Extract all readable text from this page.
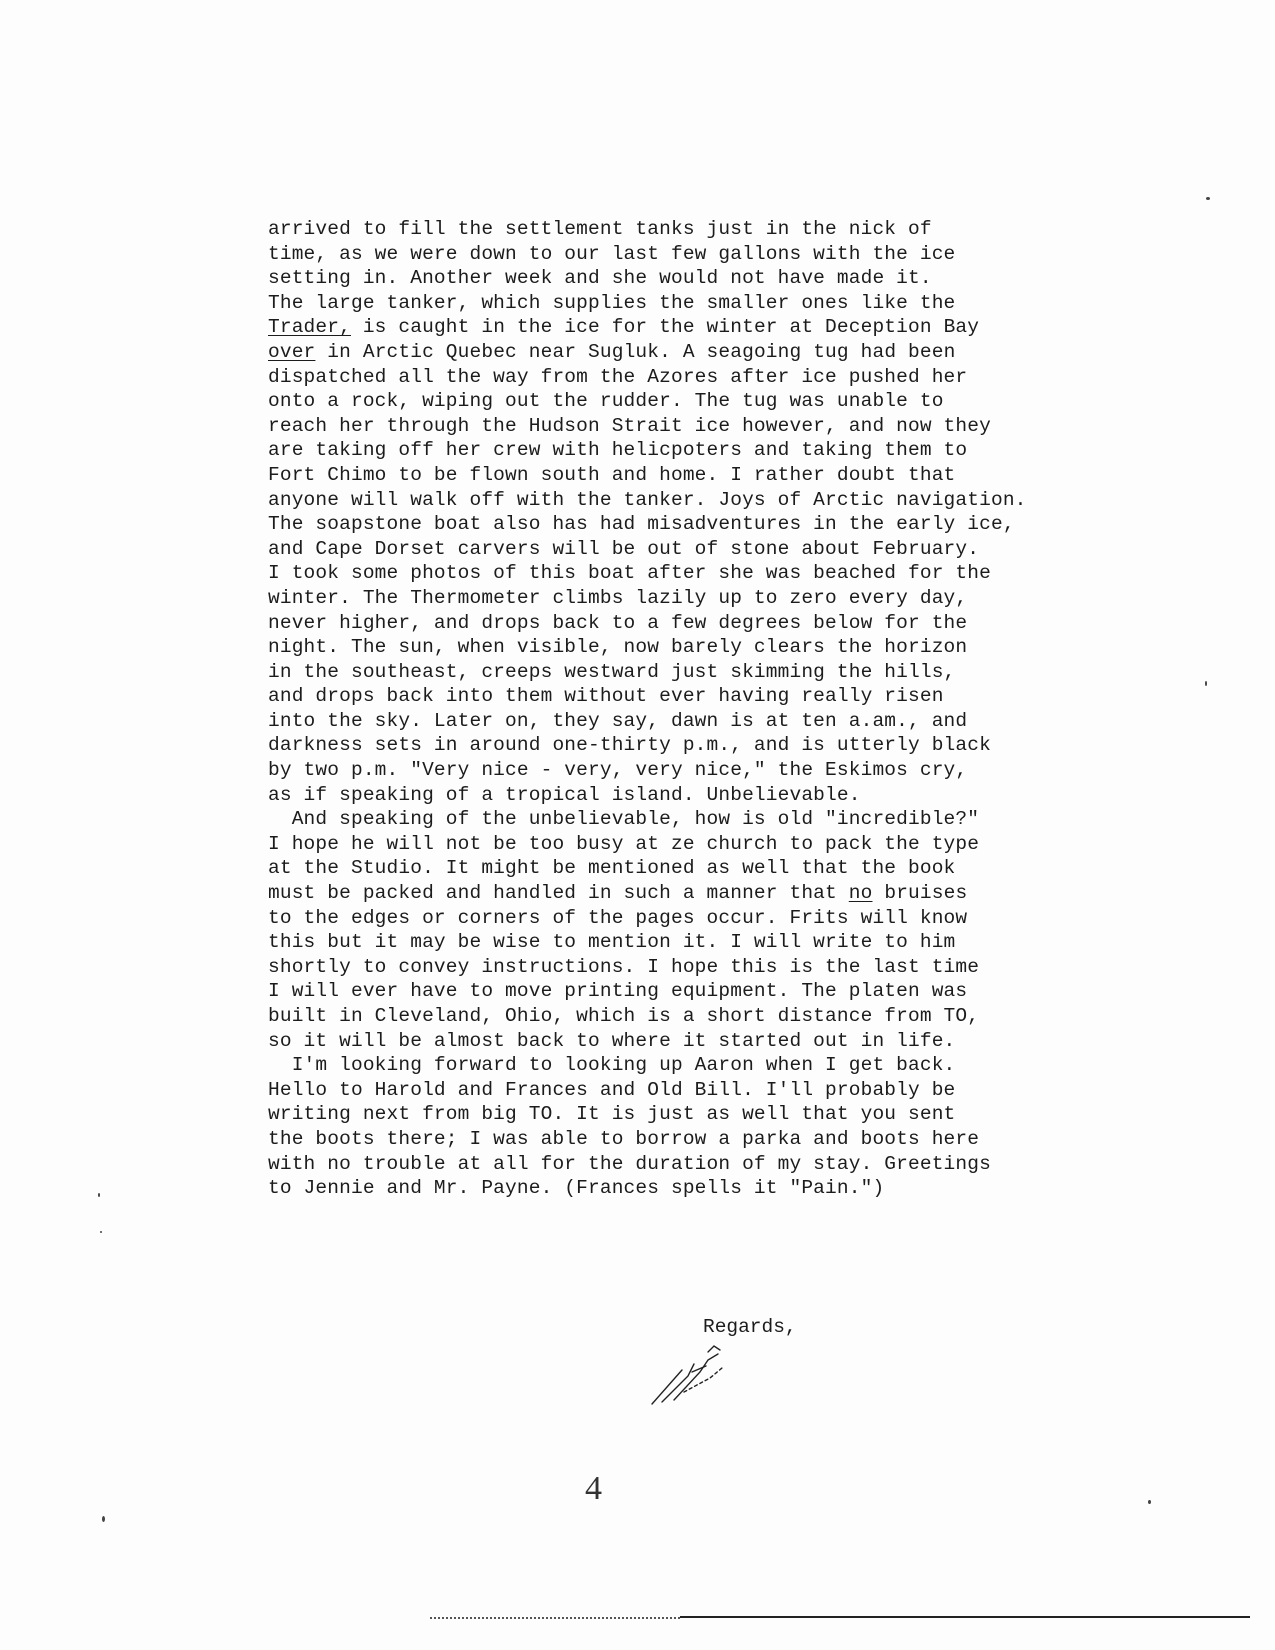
arrived to fill the settlement tanks just in the nick of
time, as we were down to our last few gallons with the ice
setting in. Another week and she would not have made it.
The large tanker, which supplies the smaller ones like the
Trader, is caught in the ice for the winter at Deception Bay
over in Arctic Quebec near Sugluk. A seagoing tug had been
dispatched all the way from the Azores after ice pushed her
onto a rock, wiping out the rudder. The tug was unable to
reach her through the Hudson Strait ice however, and now they
are taking off her crew with helicpoters and taking them to
Fort Chimo to be flown south and home. I rather doubt that
anyone will walk off with the tanker. Joys of Arctic navigation.
The soapstone boat also has had misadventures in the early ice,
and Cape Dorset carvers will be out of stone about February.
I took some photos of this boat after she was beached for the
winter. The Thermometer climbs lazily up to zero every day,
never higher, and drops back to a few degrees below for the
night. The sun, when visible, now barely clears the horizon
in the southeast, creeps westward just skimming the hills,
and drops back into them without ever having really risen
into the sky. Later on, they say, dawn is at ten a.am., and
darkness sets in around one-thirty p.m., and is utterly black
by two p.m. "Very nice - very, very nice," the Eskimos cry,
as if speaking of a tropical island. Unbelievable.
And speaking of the unbelievable, how is old "incredible?"
I hope he will not be too busy at ze church to pack the type
at the Studio. It might be mentioned as well that the book
must be packed and handled in such a manner that no bruises
to the edges or corners of the pages occur. Frits will know
this but it may be wise to mention it. I will write to him
shortly to convey instructions. I hope this is the last time
I will ever have to move printing equipment. The platen was
built in Cleveland, Ohio, which is a short distance from TO,
so it will be almost back to where it started out in life.
I'm looking forward to looking up Aaron when I get back.
Hello to Harold and Frances and Old Bill. I'll probably be
writing next from big TO. It is just as well that you sent
the boots there; I was able to borrow a parka and boots here
with no trouble at all for the duration of my stay. Greetings
to Jennie and Mr. Payne. (Frances spells it "Pain.")
Regards,
4
